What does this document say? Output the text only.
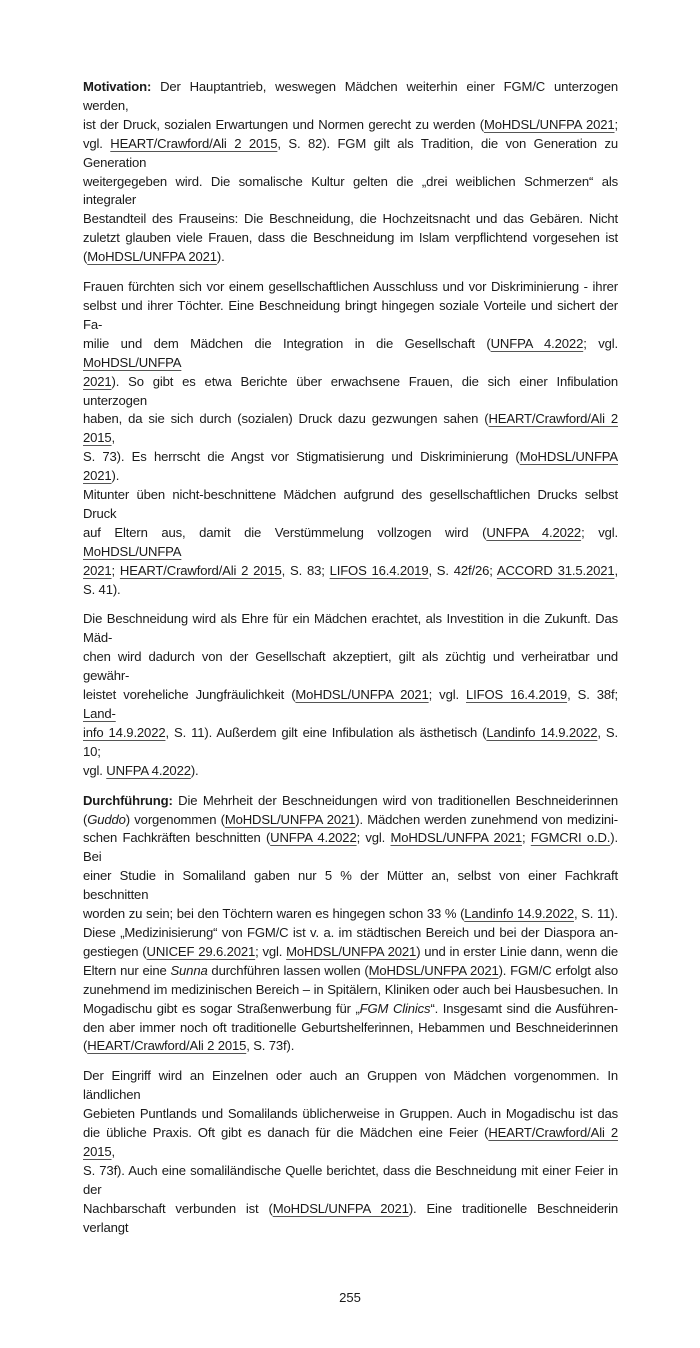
Motivation: Der Hauptantrieb, weswegen Mädchen weiterhin einer FGM/C unterzogen werden,
ist der Druck, sozialen Erwartungen und Normen gerecht zu werden (MoHDSL/UNFPA 2021;
vgl. HEART/Crawford/Ali 2 2015, S. 82). FGM gilt als Tradition, die von Generation zu Generation
weitergegeben wird. Die somalische Kultur gelten die „drei weiblichen Schmerzen“ als integraler
Bestandteil des Frauseins: Die Beschneidung, die Hochzeitsnacht und das Gebären. Nicht
zuletzt glauben viele Frauen, dass die Beschneidung im Islam verpflichtend vorgesehen ist
(MoHDSL/UNFPA 2021).
Frauen fürchten sich vor einem gesellschaftlichen Ausschluss und vor Diskriminierung - ihrer
selbst und ihrer Töchter. Eine Beschneidung bringt hingegen soziale Vorteile und sichert der Fa-
milie und dem Mädchen die Integration in die Gesellschaft (UNFPA 4.2022; vgl. MoHDSL/UNFPA
2021). So gibt es etwa Berichte über erwachsene Frauen, die sich einer Infibulation unterzogen
haben, da sie sich durch (sozialen) Druck dazu gezwungen sahen (HEART/Crawford/Ali 2 2015,
S. 73). Es herrscht die Angst vor Stigmatisierung und Diskriminierung (MoHDSL/UNFPA 2021).
Mitunter üben nicht-beschnittene Mädchen aufgrund des gesellschaftlichen Drucks selbst Druck
auf Eltern aus, damit die Verstümmelung vollzogen wird (UNFPA 4.2022; vgl. MoHDSL/UNFPA
2021; HEART/Crawford/Ali 2 2015, S. 83; LIFOS 16.4.2019, S. 42f/26; ACCORD 31.5.2021,
S. 41).
Die Beschneidung wird als Ehre für ein Mädchen erachtet, als Investition in die Zukunft. Das Mäd-
chen wird dadurch von der Gesellschaft akzeptiert, gilt als züchtig und verheiratbar und gewähr-
leistet voreheliche Jungfräulichkeit (MoHDSL/UNFPA 2021; vgl. LIFOS 16.4.2019, S. 38f; Land-
info 14.9.2022, S. 11). Außerdem gilt eine Infibulation als ästhetisch (Landinfo 14.9.2022, S. 10;
vgl. UNFPA 4.2022).
Durchführung: Die Mehrheit der Beschneidungen wird von traditionellen Beschneiderinnen
(Guddo) vorgenommen (MoHDSL/UNFPA 2021). Mädchen werden zunehmend von medizini-
schen Fachkräften beschnitten (UNFPA 4.2022; vgl. MoHDSL/UNFPA 2021; FGMCRI o.D.). Bei
einer Studie in Somaliland gaben nur 5 % der Mütter an, selbst von einer Fachkraft beschnitten
worden zu sein; bei den Töchtern waren es hingegen schon 33 % (Landinfo 14.9.2022, S. 11).
Diese „Medizinisierung“ von FGM/C ist v. a. im städtischen Bereich und bei der Diaspora an-
gestiegen (UNICEF 29.6.2021; vgl. MoHDSL/UNFPA 2021) und in erster Linie dann, wenn die
Eltern nur eine Sunna durchführen lassen wollen (MoHDSL/UNFPA 2021). FGM/C erfolgt also
zunehmend im medizinischen Bereich – in Spitälern, Kliniken oder auch bei Hausbesuchen. In
Mogadischu gibt es sogar Straßenwerbung für „FGM Clinics“. Insgesamt sind die Ausführen-
den aber immer noch oft traditionelle Geburtshelferinnen, Hebammen und Beschneiderinnen
(HEART/Crawford/Ali 2 2015, S. 73f).
Der Eingriff wird an Einzelnen oder auch an Gruppen von Mädchen vorgenommen. In ländlichen
Gebieten Puntlands und Somalilands üblicherweise in Gruppen. Auch in Mogadischu ist das
die übliche Praxis. Oft gibt es danach für die Mädchen eine Feier (HEART/Crawford/Ali 2 2015,
S. 73f). Auch eine somaliländische Quelle berichtet, dass die Beschneidung mit einer Feier in der
Nachbarschaft verbunden ist (MoHDSL/UNFPA 2021). Eine traditionelle Beschneiderin verlangt
255
